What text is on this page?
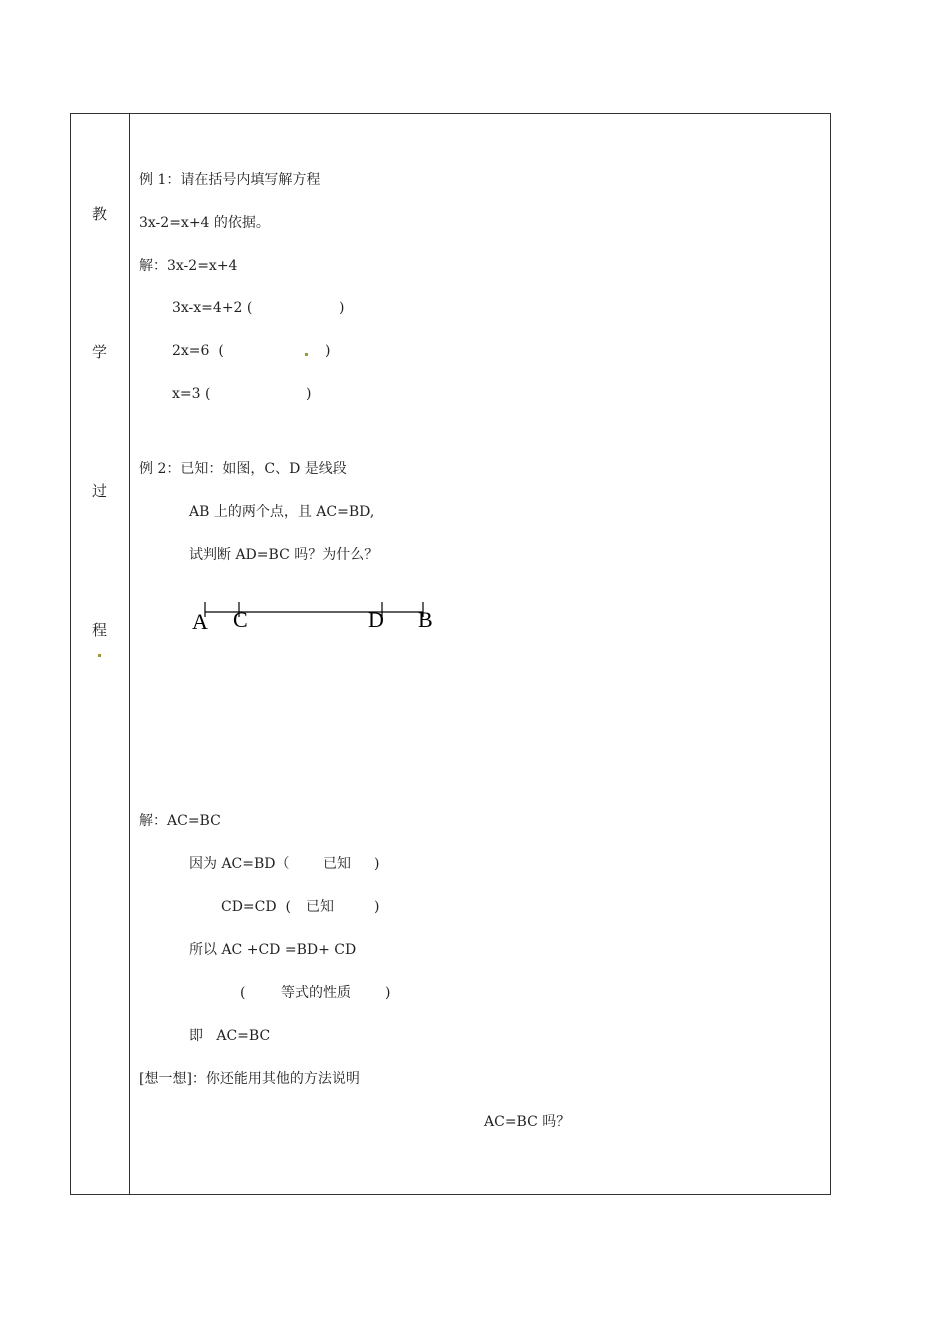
教
学
过
程
例 1：请在括号内填写解方程
3x-2=x+4 的依据。
解：3x-2=x+4
3x-x=4+2 (	)
2x=6  (	)
x=3 (	)
例 2：已知：如图，C、D 是线段
AB 上的两个点，且 AC=BD,
试判断 AD=BC 吗？为什么？
A C	D B
解：AC=BC
因为 AC=BD（ 已知 )
CD=CD  ( 已知	)
所以 AC +CD =BD+ CD
(	等式的性质 )
即   AC=BC
[想一想]：你还能用其他的方法说明
AC=BC 吗？
